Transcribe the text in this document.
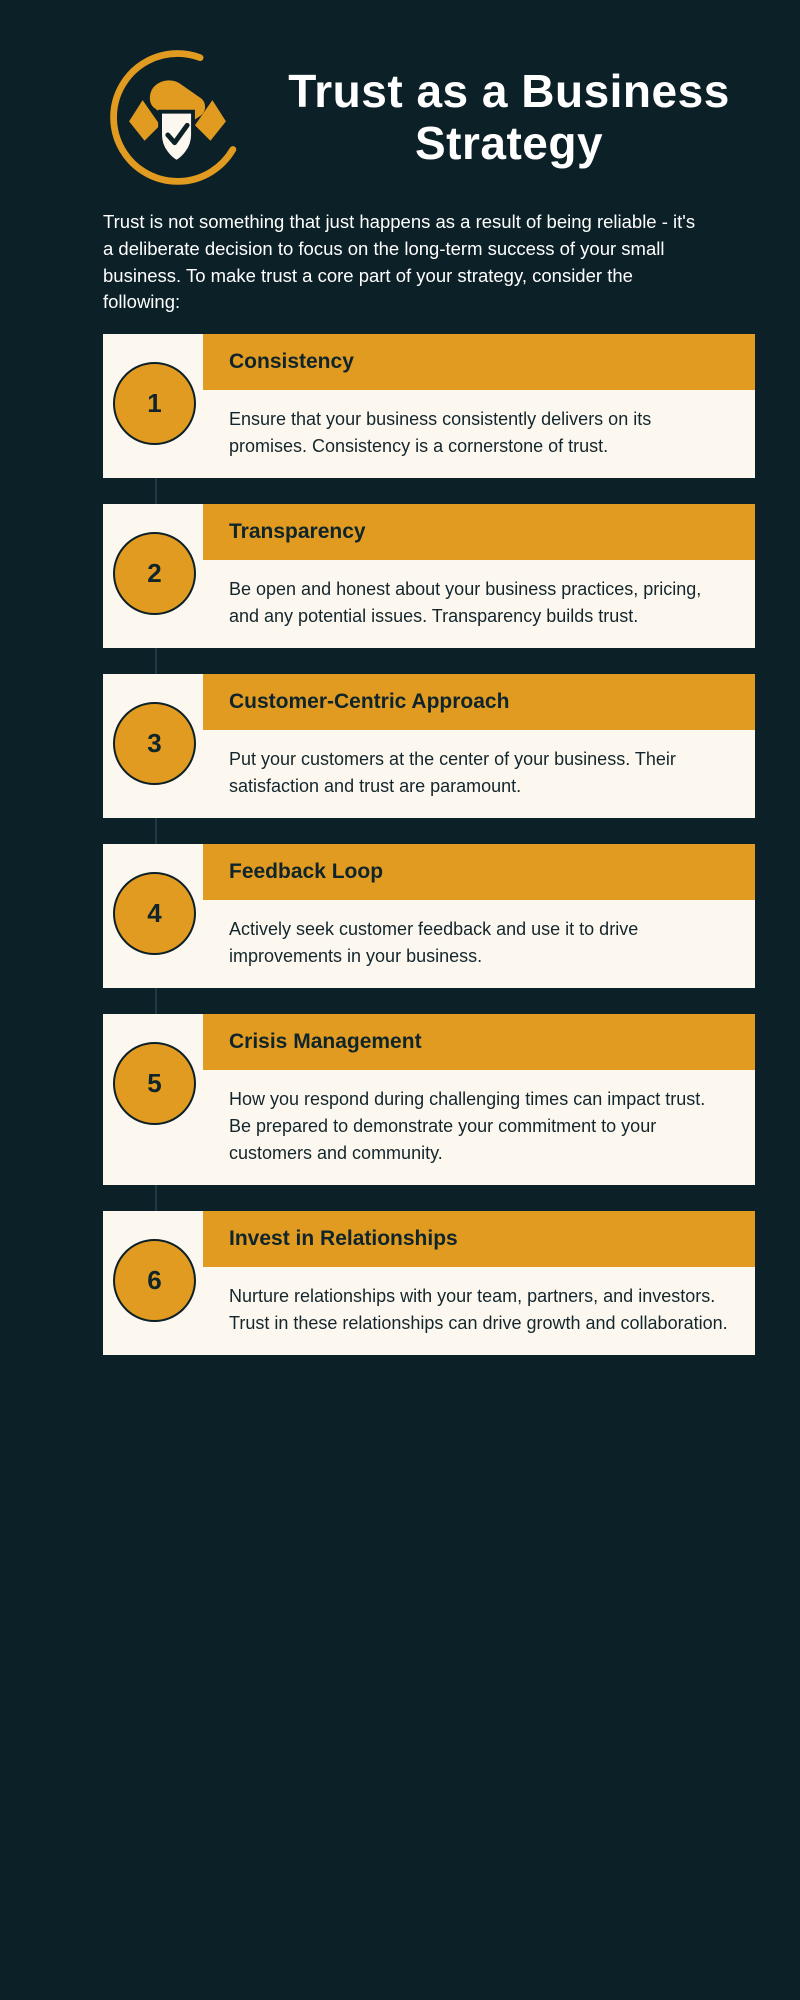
Trust as a Business Strategy
Trust is not something that just happens as a result of being reliable - it's a deliberate decision to focus on the long-term success of your small business. To make trust a core part of your strategy, consider the following:
1
Consistency
Ensure that your business consistently delivers on its promises. Consistency is a cornerstone of trust.
2
Transparency
Be open and honest about your business practices, pricing, and any potential issues. Transparency builds trust.
3
Customer-Centric Approach
Put your customers at the center of your business. Their satisfaction and trust are paramount.
4
Feedback Loop
Actively seek customer feedback and use it to drive improvements in your business.
5
Crisis Management
How you respond during challenging times can impact trust. Be prepared to demonstrate your commitment to your customers and community.
6
Invest in Relationships
Nurture relationships with your team, partners, and investors. Trust in these relationships can drive growth and collaboration.
